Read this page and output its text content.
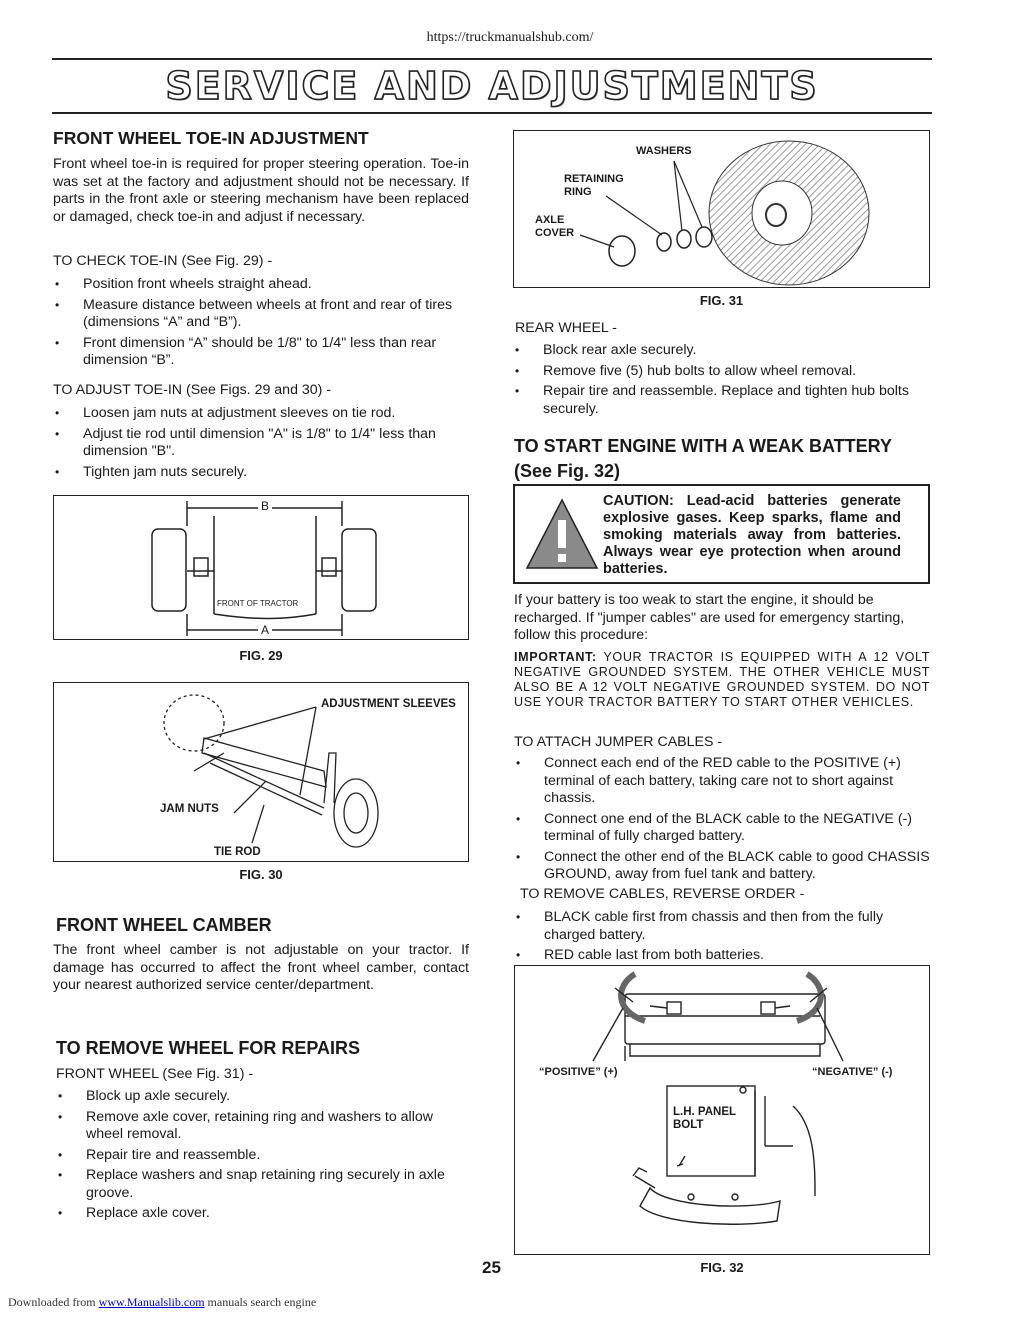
https://truckmanualshub.com/
SERVICE AND ADJUSTMENTS
FRONT WHEEL TOE-IN ADJUSTMENT
Front wheel toe-in is required for proper steering operation. Toe-in was set at the factory and adjustment should not be necessary. If parts in the front axle or steering mechanism have been replaced or damaged, check toe-in and adjust if necessary.
TO CHECK TOE-IN (See Fig. 29) -
• Position front wheels straight ahead.
• Measure distance between wheels at front and rear of tires (dimensions “A” and “B”).
• Front dimension “A” should be 1/8" to 1/4" less than rear dimension “B”.
TO ADJUST TOE-IN (See Figs. 29 and 30) -
• Loosen jam nuts at adjustment sleeves on tie rod.
• Adjust tie rod until dimension "A" is 1/8" to 1/4" less than dimension "B".
• Tighten jam nuts securely.
B
A
FRONT OF TRACTOR
FIG. 29
ADJUSTMENT SLEEVES
JAM NUTS
TIE ROD
FIG. 30
FRONT WHEEL CAMBER
The front wheel camber is not adjustable on your tractor. If damage has occurred to affect the front wheel camber, contact your nearest authorized service center/department.
TO REMOVE WHEEL FOR REPAIRS
FRONT WHEEL (See Fig. 31) -
• Block up axle securely.
• Remove axle cover, retaining ring and washers to allow wheel removal.
• Repair tire and reassemble.
• Replace washers and snap retaining ring securely in axle groove.
• Replace axle cover.
WASHERS
RETAINING RING
AXLE COVER
FIG. 31
REAR WHEEL -
• Block rear axle securely.
• Remove five (5) hub bolts to allow wheel removal.
• Repair tire and reassemble. Replace and tighten hub bolts securely.
TO START ENGINE WITH A WEAK BATTERY
(See Fig. 32)
CAUTION: Lead-acid batteries generate explosive gases. Keep sparks, flame and smoking materials away from batteries. Always wear eye protection when around batteries.
If your battery is too weak to start the engine, it should be recharged. If "jumper cables" are used for emergency starting, follow this procedure:
IMPORTANT: YOUR TRACTOR IS EQUIPPED WITH A 12 VOLT NEGATIVE GROUNDED SYSTEM. THE OTHER VEHICLE MUST ALSO BE A 12 VOLT NEGATIVE GROUNDED SYSTEM. DO NOT USE YOUR TRACTOR BATTERY TO START OTHER VEHICLES.
TO ATTACH JUMPER CABLES -
• Connect each end of the RED cable to the POSITIVE (+) terminal of each battery, taking care not to short against chassis.
• Connect one end of the BLACK cable to the NEGATIVE (-) terminal of fully charged battery.
• Connect the other end of the BLACK cable to good CHASSIS GROUND, away from fuel tank and battery.
TO REMOVE CABLES, REVERSE ORDER -
• BLACK cable first from chassis and then from the fully charged battery.
• RED cable last from both batteries.
“POSITIVE” (+)	“NEGATIVE” (-)
L.H. PANEL BOLT
FIG. 32
25
Downloaded from www.Manualslib.com manuals search engine
